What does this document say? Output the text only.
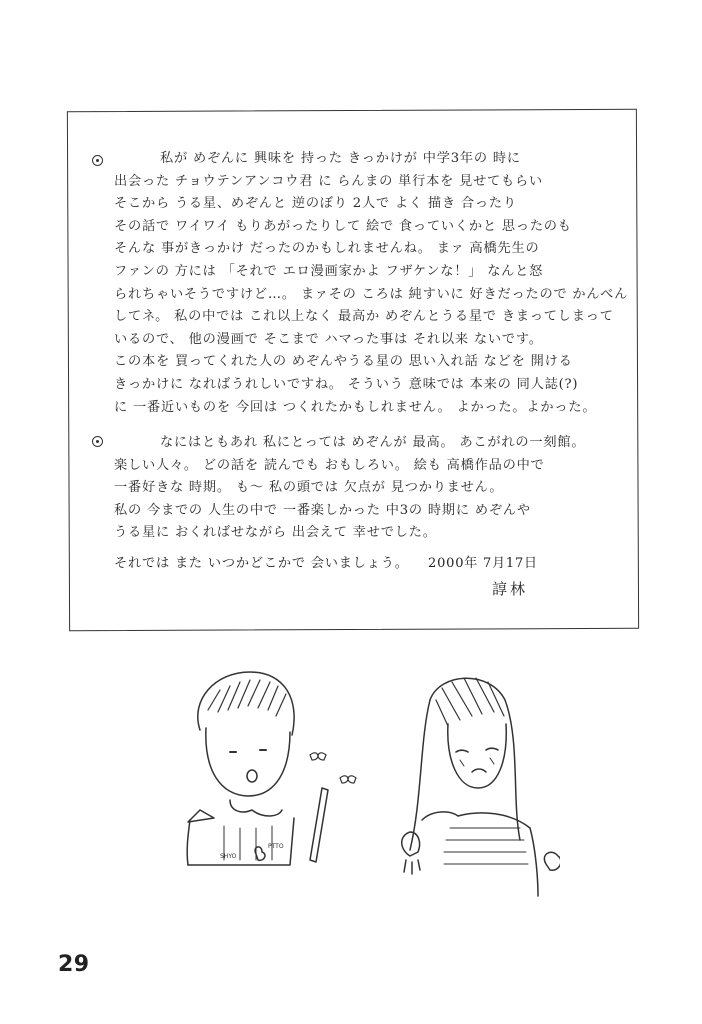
私が めぞんに 興味を 持った きっかけが 中学3年の 時に
出会った チョウテンアンコウ君 に らんまの 単行本を 見せてもらい
そこから うる星、めぞんと 逆のぼり 2人で よく 描き 合ったり
その話で ワイワイ もりあがったりして 絵で 食っていくかと 思ったのも
そんな 事がきっかけ だったのかもしれませんね。 まァ 高橋先生の
ファンの 方には 「それで エロ漫画家かよ フザケンな！」 なんと怒
られちゃいそうですけど…。 まァその ころは 純すいに 好きだったので かんべん
してネ。 私の中では これ以上なく 最高か めぞんとうる星で きまってしまって
いるので、 他の漫画で そこまで ハマった事は それ以来 ないです。
この本を 買ってくれた人の めぞんやうる星の 思い入れ話 などを 開ける
きっかけに なればうれしいですね。 そういう 意味では 本来の 同人誌(?)
に 一番近いものを 今回は つくれたかもしれません。 よかった。よかった。
なにはともあれ 私にとっては めぞんが 最高。 あこがれの一刻館。
楽しい人々。 どの話を 読んでも おもしろい。 絵も 高橋作品の中で
一番好きな 時期。 も〜 私の頭では 欠点が 見つかりません。
私の 今までの 人生の中で 一番楽しかった 中3の 時期に めぞんや
うる星に おくればせながら 出会えて 幸せでした。
それでは また いつかどこかで 会いましょう。 2000年 7月17日
諄林
SHYO
PTTO
29
